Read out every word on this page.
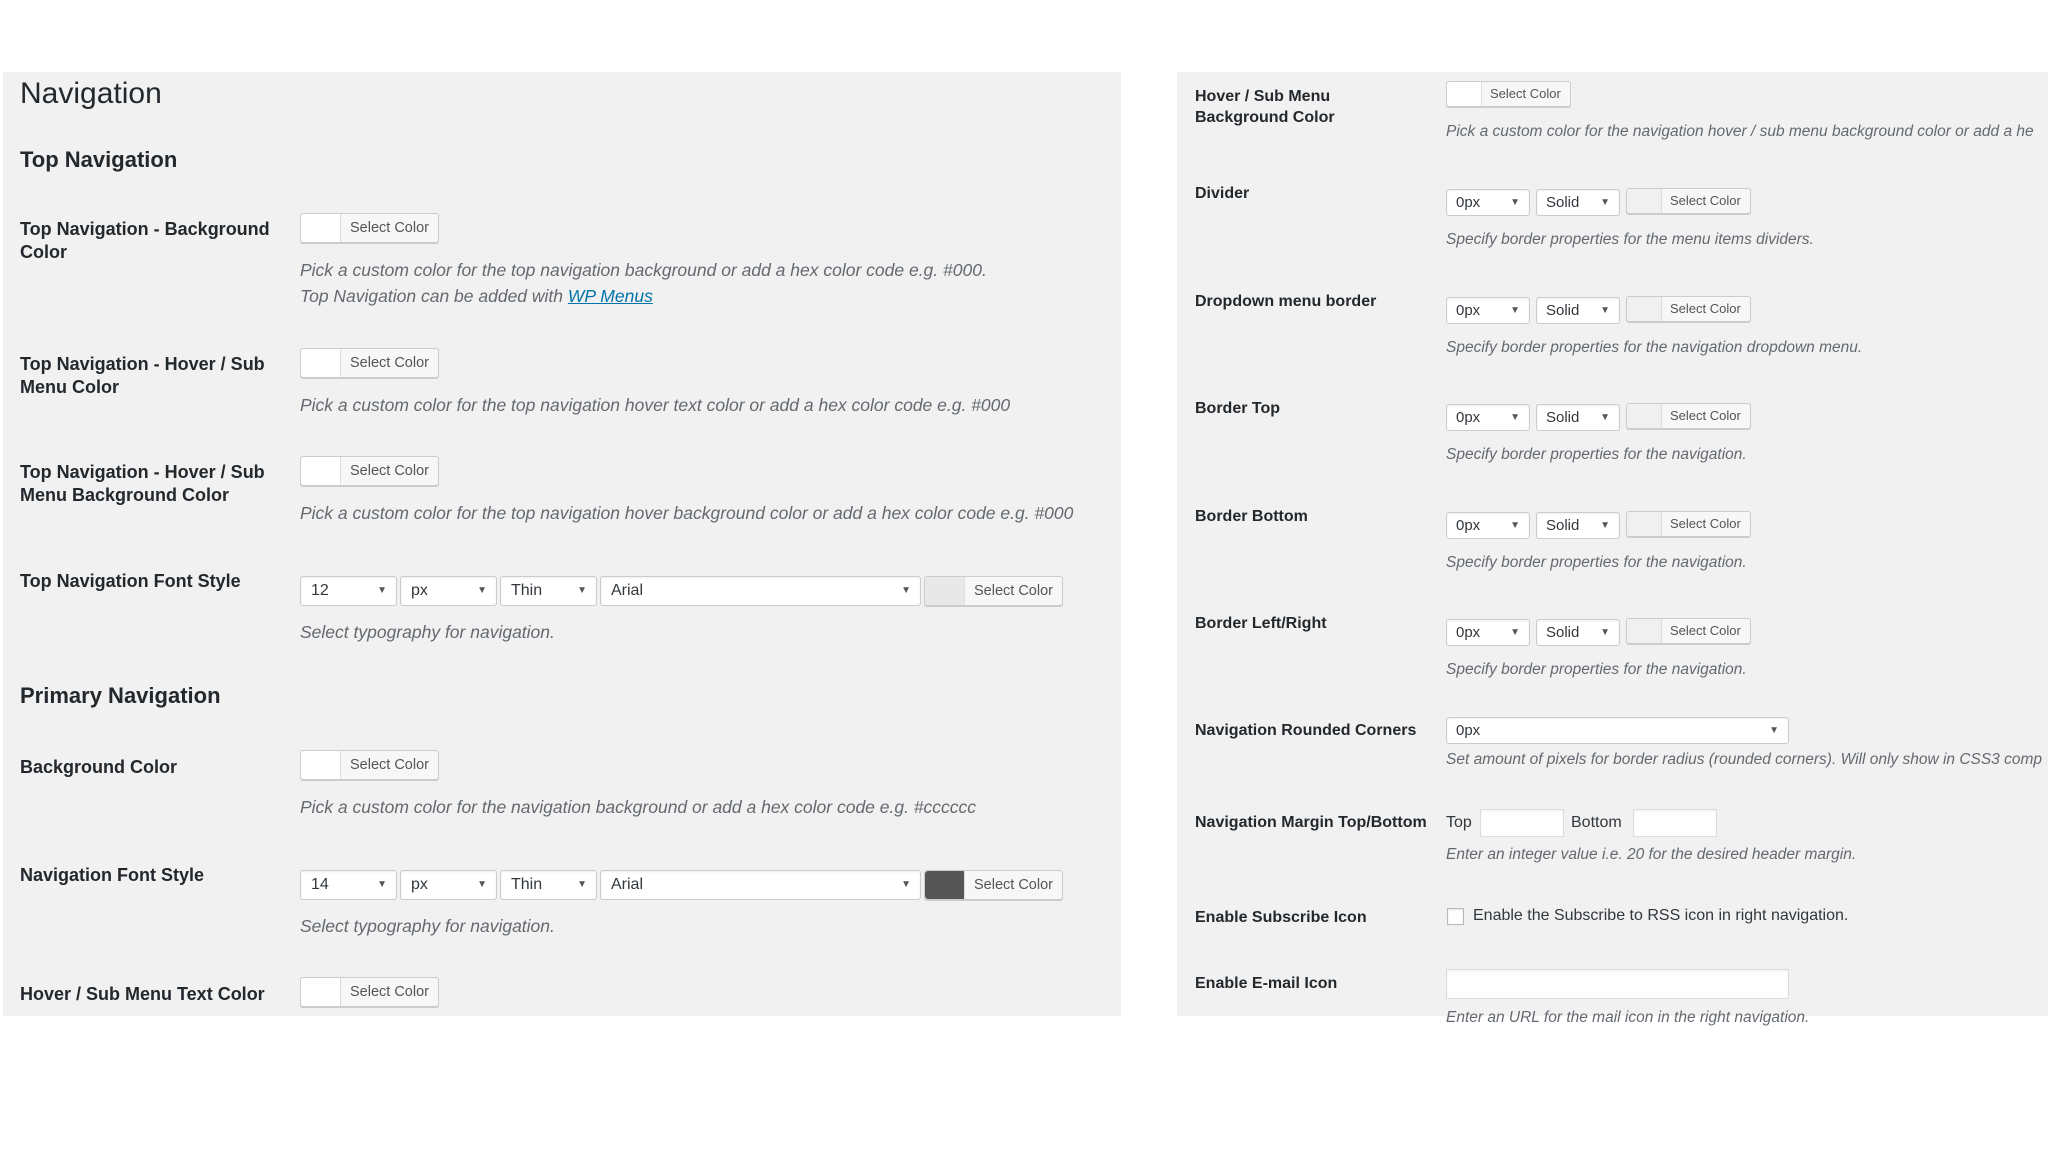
Navigation
Top Navigation
Top Navigation - Background Color
Select Color
Pick a custom color for the top navigation background or add a hex color code e.g. #000.
Top Navigation can be added with WP Menus
Top Navigation - Hover / Sub Menu Color
Select Color
Pick a custom color for the top navigation hover text color or add a hex color code e.g. #000
Top Navigation - Hover / Sub Menu Background Color
Select Color
Pick a custom color for the top navigation hover background color or add a hex color code e.g. #000
Top Navigation Font Style	12	▼	px	▼	Thin	▼	Arial	▼	Select Color
Select typography for navigation.
Primary Navigation
Background Color	Select Color
Pick a custom color for the navigation background or add a hex color code e.g. #cccccc
Navigation Font Style	14	▼	px	▼	Thin	▼	Arial	▼	Select Color
Select typography for navigation.
Hover / Sub Menu Text Color	Select Color
Hover / Sub Menu Background Color
Select Color
Pick a custom color for the navigation hover / sub menu background color or add a he
Divider
0px	▼	Solid ▼	Select Color
Specify border properties for the menu items dividers.
Dropdown menu border
0px	▼	Solid ▼	Select Color
Specify border properties for the navigation dropdown menu.
Border Top
0px	▼	Solid ▼	Select Color
Specify border properties for the navigation.
Border Bottom
0px	▼	Solid ▼	Select Color
Specify border properties for the navigation.
Border Left/Right
0px	▼	Solid ▼	Select Color
Specify border properties for the navigation.
Navigation Rounded Corners	0px	▼
Set amount of pixels for border radius (rounded corners). Will only show in CSS3 comp
Navigation Margin Top/Bottom	Top	Bottom
Enter an integer value i.e. 20 for the desired header margin.
Enable Subscribe Icon	Enable the Subscribe to RSS icon in right navigation.
Enable E-mail Icon
Enter an URL for the mail icon in the right navigation.
